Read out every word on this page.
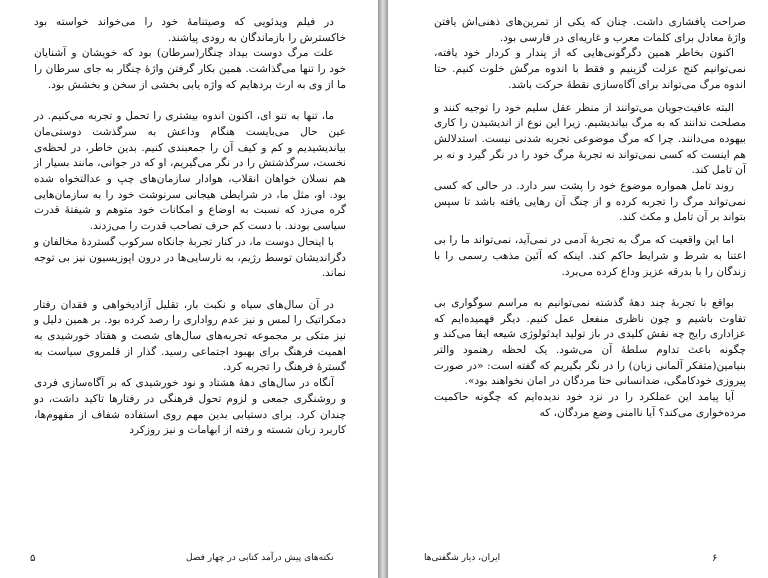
در فیلم ویدئویی که وصیتنامهٔ خود را می‌خواند خواسته بود خاکسترش را بازماندگان به رودی پیاشند.

علت مرگ دوست بیداد چنگار(سرطان) بود که خویشان و آشنایان خود را تنها می‌گذاشت. همین بکار گرفتن واژهٔ چنگار به جای سرطان را ما از وی به ارث بردهایم که واژه یابی بخشی از سخن و بخشش بود.

ما، تنها به تنو ای، اکنون اندوه بیشتری را تحمل و تجربه می‌کنیم. در عین حال می‌بایست هنگام وداعش به سرگذشت دوستی‌مان بیاندیشیدیم و کم و کیف آن را جمعبندی کنیم. بدین خاطر، در لحظه‌ی نخست، سرگذشتش را در نگر می‌گیریم، او که در جوانی، مانند بسیار از هم نسلان خواهان انقلاب، هوادار سازمان‌های چپ و عدالتخواه شده بود. او، مثل ما، در شرایطی هیجانی سرنوشت خود را به سازمان‌هایی گره می‌زد که نسبت به اوضاع و امکانات خود متوهم و شیفتهٔ قدرت سیاسی بودند. با دست کم حرف تصاحب قدرت را می‌زدند.

با اینحال دوست ما، در کنار تجربهٔ جانکاه سرکوب گستردهٔ مخالفان و دگراندیشان توسط رژیم، به نارسایی‌ها در درون اپوزیسیون نیز بی توجه نماند.

در آن سال‌های سیاه و نکبت بار، تقلیل آزادیخواهی و فقدان رفتار دمکراتیک را لمس و نیز عدم رواداری را رصد کرده بود. بر همین دلیل و نیز متکی بر مجموعه تجربه‌های سال‌های شصت و هفتاد خورشیدی به اهمیت فرهنگ برای بهبود اجتماعی رسید. گذار از قلمروی سیاست به گسترهٔ فرهنگ را تجربه کرد.

آنگاه در سال‌های دههٔ هشتاد و نود خورشیدی که بر آگاه‌سازی فردی و روشنگری جمعی و لزوم تحول فرهنگی در رفتارها تاکید داشت، دو چندان کرد. برای دستیابی بدین مهم روی استفاده شفاف از مفهوم‌ها، کاربرد زبان شسته و رفته از ابهامات و نیز روزکرد

۵	نکته‌های پیش درآمد کتابی در چهار فصل

صراحت پافشاری داشت. چنان که یکی از تمرین‌های ذهنی‌اش یافتن واژهٔ معادل برای کلمات معرب و غاریه‌ای در فارسی بود.

اکنون بخاطر همین دگرگونی‌هایی که از پندار و کردار خود یافته، نمی‌توانیم کنج عزلت گزینیم و فقط با اندوه مرگش خلوت کنیم. حتا اندوه مرگ می‌تواند برای آگاه‌سازی نقطهٔ حرکت باشد.

البته عافیت‌جویان می‌توانند از منظر عقل سلیم خود را توجیه کنند و مصلحت ندانند که به مرگ بیاندیشیم. زیرا این نوع از اندیشیدن را کاری بیهوده می‌دانند. چرا که مرگ موضوعی تجربه شدنی نیست. استدلالش هم اینست که کسی نمی‌تواند نه تجربهٔ مرگ خود را در نگر گیرد و نه بر آن تامل کند.

روند تامل همواره موضوع خود را پشت سر دارد. در حالی که کسی نمی‌تواند مرگ را تجربه کرده و از چنگ آن رهایی یافته باشد تا سپس بتواند بر آن تامل و مکث کند.

اما این واقعیت که مرگ به تجربهٔ آدمی در نمی‌آید، نمی‌تواند ما را بی اعتنا به شرط و شرایط حاکم کند. اینکه که آئین مذهب رسمی را با زندگان را با بدرقه عزیز وداع کرده می‌برد.

بواقع با تجربهٔ چند دههٔ گذشته نمی‌توانیم به مراسم سوگواری بی تفاوت باشیم و چون ناظری منفعل عمل کنیم. دیگر فهمیده‌ایم که عزاداری رایج چه نقش کلیدی در باز تولید ایدئولوژی شیعه ایفا می‌کند و چگونه باعث تداوم سلطهٔ آن می‌شود. یک لحظه رهنمود والتر بنیامین(متفکر آلمانی زبان) را در نگر بگیریم که گفته است: «در صورت پیروزی خودکامگی، ضدانسانی حتا مردگان در امان نخواهند بود».

آیا پیامد این عملکرد را در نزد خود ندیده‌ایم که چگونه حاکمیت مرده‌خواری می‌کند؟ آیا ناامنی وضع مردگان، که

۶
ایران، دیار شگفتی‌ها
